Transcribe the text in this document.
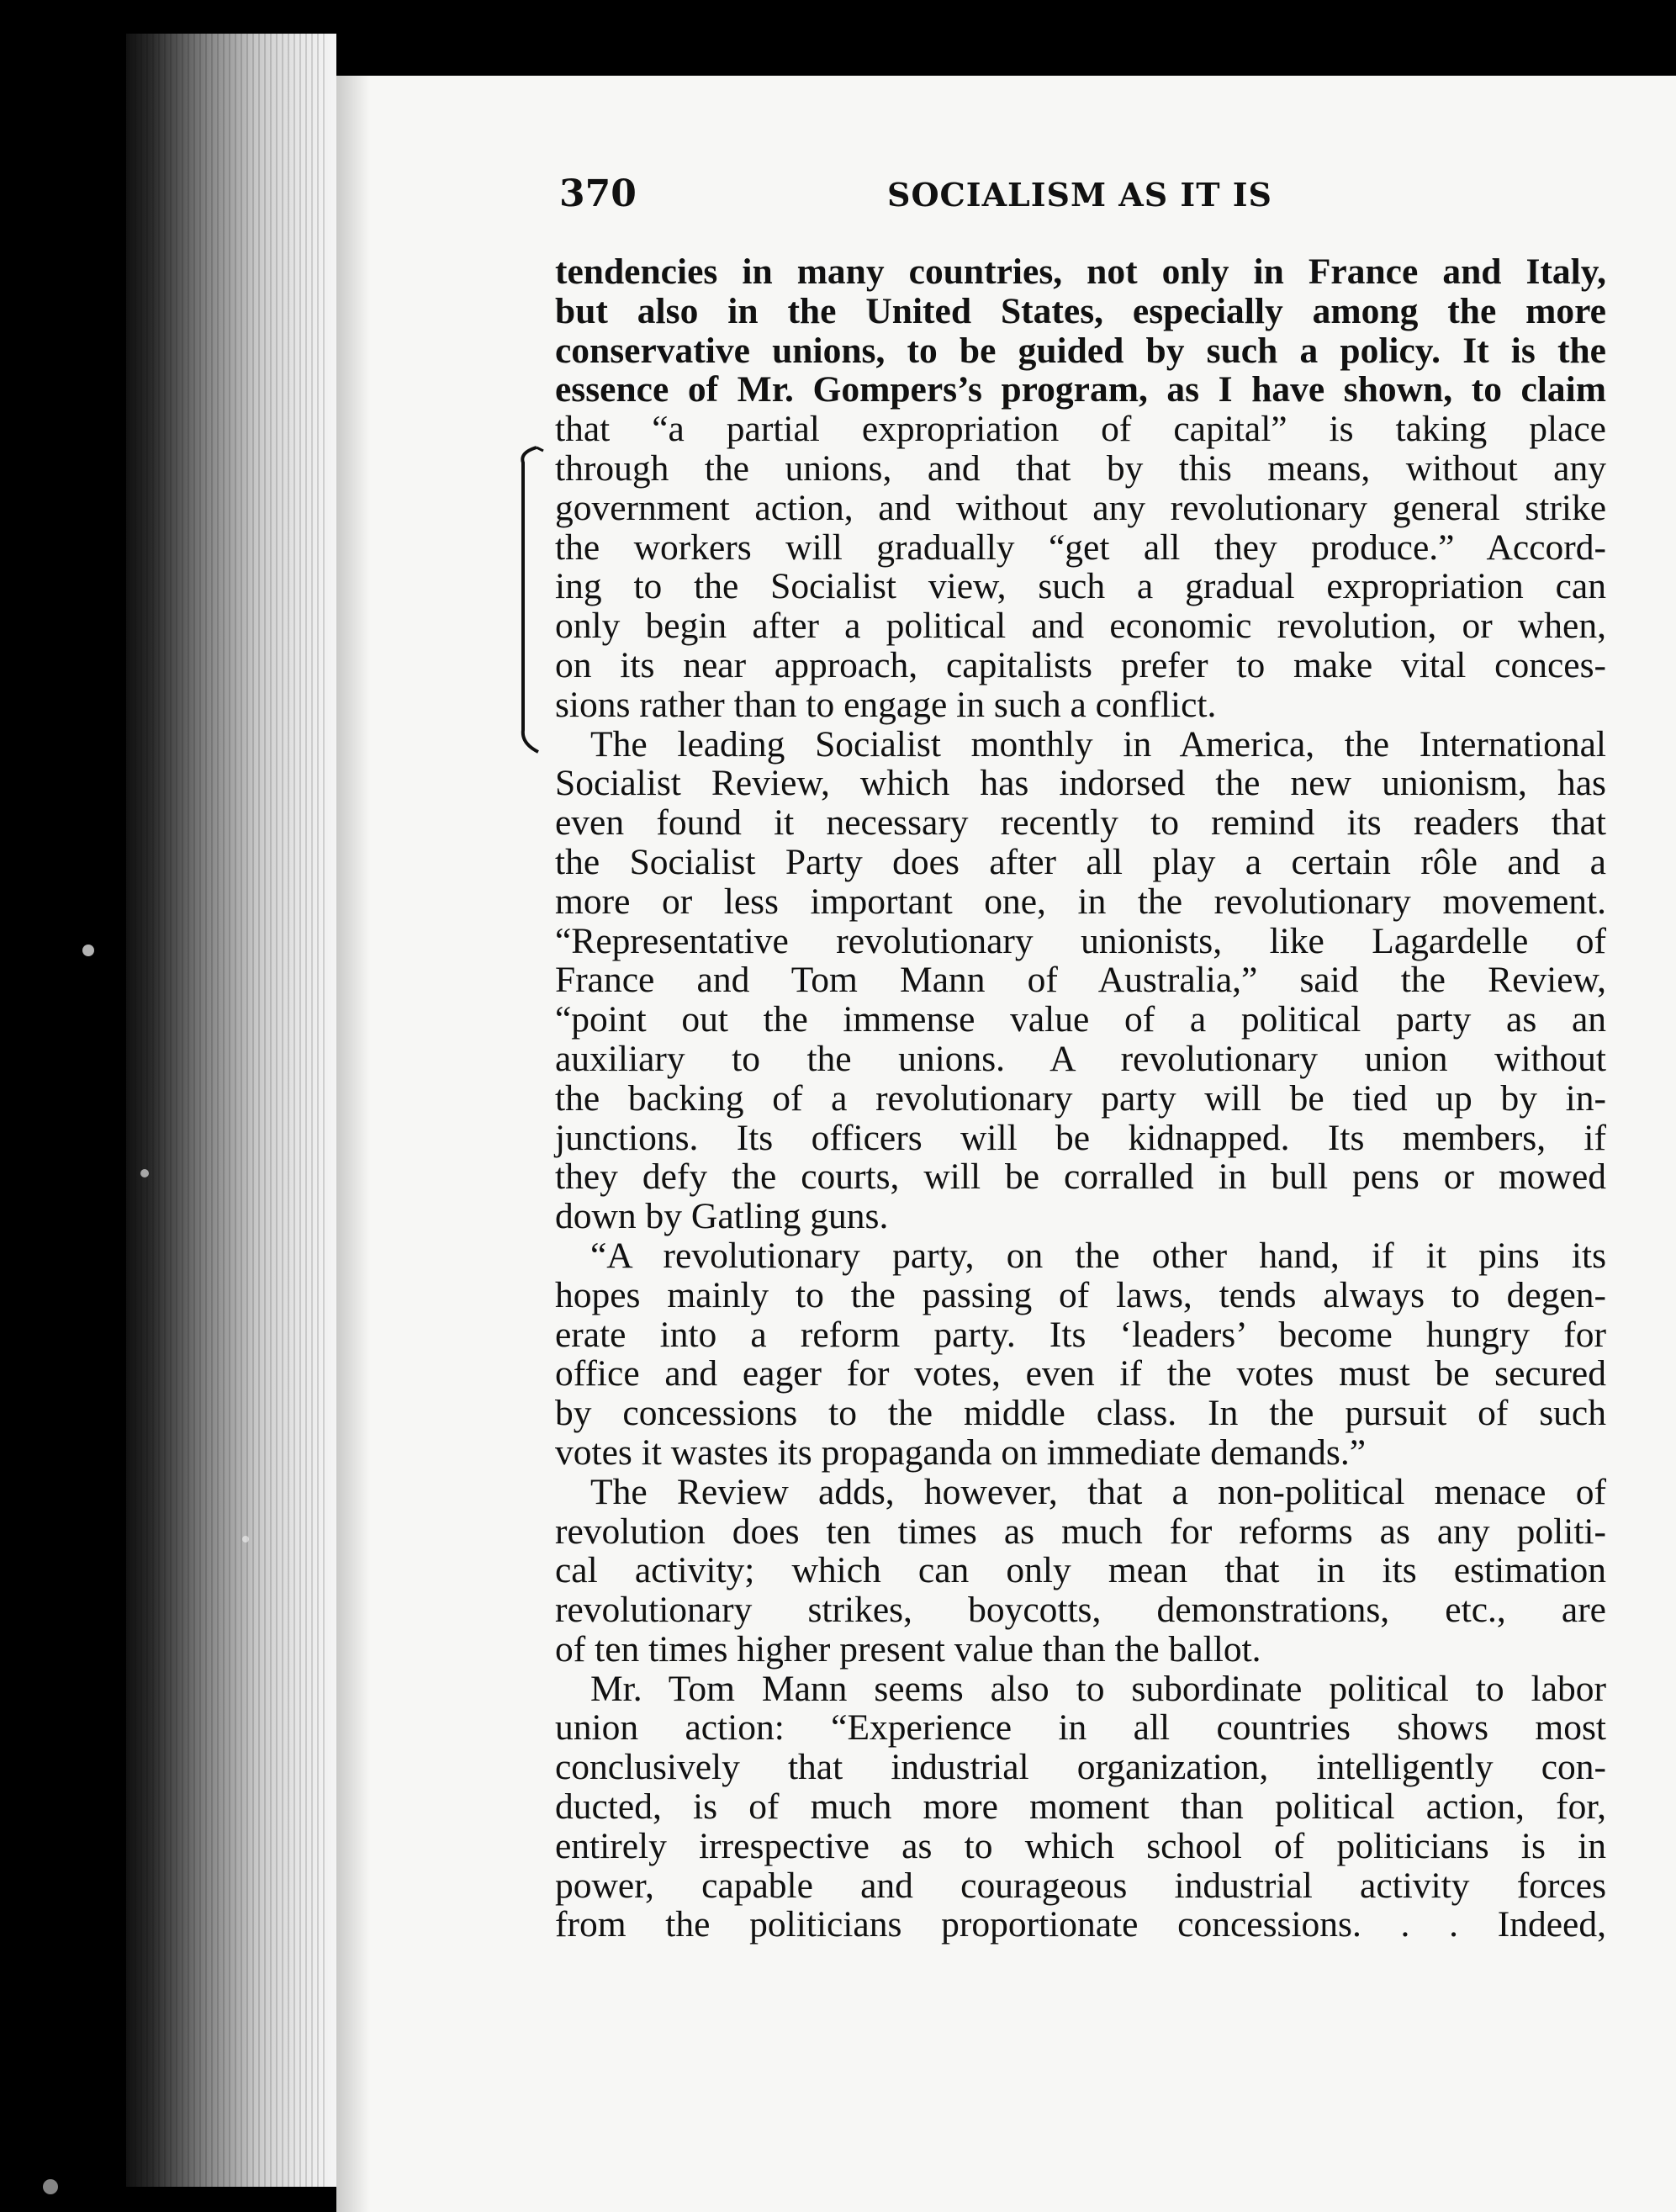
370	SOCIALISM AS IT IS
tendencies in many countries, not only in France and Italy,
but also in the United States, especially among the more
conservative unions, to be guided by such a policy. It is the
essence of Mr. Gompers’s program, as I have shown, to claim
that “a partial expropriation of capital” is taking place
through the unions, and that by this means, without any
government action, and without any revolutionary general strike
the workers will gradually “get all they produce.” Accord-
ing to the Socialist view, such a gradual expropriation can
only begin after a political and economic revolution, or when,
on its near approach, capitalists prefer to make vital conces-
sions rather than to engage in such a conflict.
The leading Socialist monthly in America, the International
Socialist Review, which has indorsed the new unionism, has
even found it necessary recently to remind its readers that
the Socialist Party does after all play a certain rôle and a
more or less important one, in the revolutionary movement.
“Representative revolutionary unionists, like Lagardelle of
France and Tom Mann of Australia,” said the Review,
“point out the immense value of a political party as an
auxiliary to the unions. A revolutionary union without
the backing of a revolutionary party will be tied up by in-
junctions. Its officers will be kidnapped. Its members, if
they defy the courts, will be corralled in bull pens or mowed
down by Gatling guns.
“A revolutionary party, on the other hand, if it pins its
hopes mainly to the passing of laws, tends always to degen-
erate into a reform party. Its ‘leaders’ become hungry for
office and eager for votes, even if the votes must be secured
by concessions to the middle class. In the pursuit of such
votes it wastes its propaganda on immediate demands.”
The Review adds, however, that a non-political menace of
revolution does ten times as much for reforms as any politi-
cal activity; which can only mean that in its estimation
revolutionary strikes, boycotts, demonstrations, etc., are
of ten times higher present value than the ballot.
Mr. Tom Mann seems also to subordinate political to labor
union action: “Experience in all countries shows most
conclusively that industrial organization, intelligently con-
ducted, is of much more moment than political action, for,
entirely irrespective as to which school of politicians is in
power, capable and courageous industrial activity forces
from the politicians proportionate concessions. . . Indeed,
